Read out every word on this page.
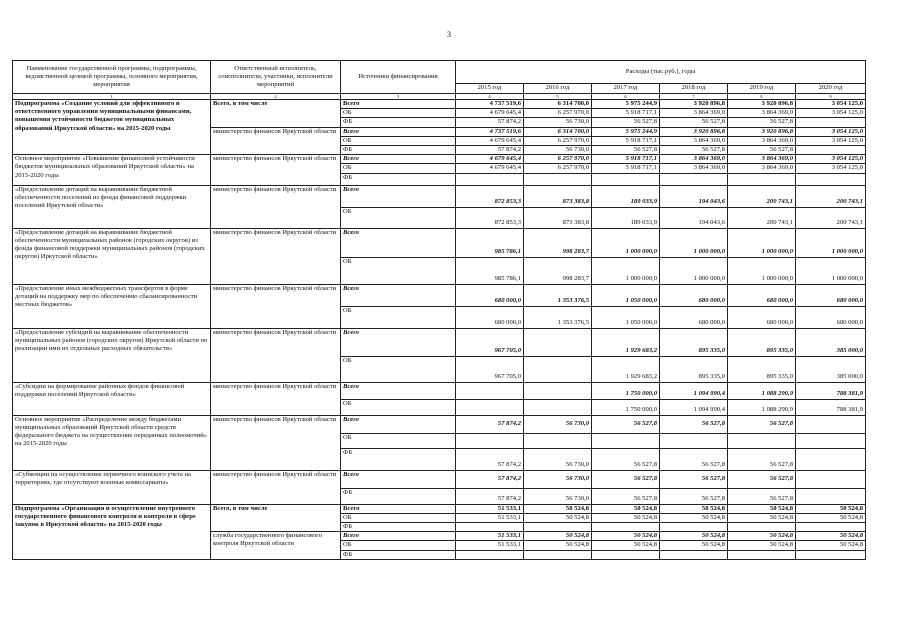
3
Наименование государственной программы, подпрограммы, ведомственной целевой программы, основного мероприятия, мероприятия	Ответственный исполнитель, соисполнители, участники, исполнители мероприятий	Источники финансирования	Расходы (тыс.руб.), годы					
			2015 год	2016 год	2017 год	2018 год	2019 год	2020 год
1	2	3	4	5	6	7	8	9
Подпрограмма «Создание условий для эффективного и ответственного управления муниципальными финансами, повышения устойчивости бюджетов муниципальных образований Иркутской области» на 2015-2020 годы	Всего, в том числе	Всего	4 737 519,6	6 314 700,0	5 975 244,9	3 920 896,8	3 920 896,8	3 054 125,0
		ОБ	4 679 645,4	6 257 970,0	5 918 717,1	3 864 369,0	3 864 369,0	3 054 125,0
		ФБ	57 874,2	56 730,0	56 527,8	56 527,8	56 527,8	
	министерство финансов Иркутской области	Всего	4 737 519,6	6 314 700,0	5 975 244,9	3 920 896,8	3 920 896,8	3 054 125,0
		ОБ	4 679 645,4	6 257 970,0	5 918 717,1	3 864 369,0	3 864 369,0	3 054 125,0
		ФБ	57 874,2	56 730,0	56 527,8	56 527,8	56 527,8	
Основное мероприятие «Повышение финансовой устойчивости бюджетов муниципальных образований Иркутской области» на 2015-2020 годы	министерство финансов Иркутской области	Всего	4 679 645,4	6 257 970,0	5 918 717,1	3 864 369,0	3 864 369,0	3 054 125,0
		ОБ	4 679 645,4	6 257 970,0	5 918 717,1	3 864 369,0	3 864 369,0	3 054 125,0
		ФБ						
«Предоставление дотаций на выравнивание бюджетной обеспеченности поселений из фонда финансовой поддержки поселений Иркутской области»	министерство финансов Иркутской области	Всего	872 853,3	873 383,8	189 033,9	194 043,6	200 743,1	200 743,1
		ОБ	872 853,3	873 383,8	189 033,9	194 043,6	200 743,1	200 743,1
«Предоставление дотаций на выравнивание бюджетной обеспеченности муниципальных районов (городских округов) из фонда финансовой поддержки муниципальных районов (городских округов) Иркутской области»	министерство финансов Иркутской области	Всего	985 786,1	998 283,7	1 000 000,0	1 000 000,0	1 000 000,0	1 000 000,0
		ОБ	985 786,1	998 283,7	1 000 000,0	1 000 000,0	1 000 000,0	1 000 000,0
«Предоставление иных межбюджетных трансфертов в форме дотаций на поддержку мер по обеспечению сбалансированности местных бюджетов»	министерство финансов Иркутской области	Всего	680 000,0	1 353 376,5	1 050 000,0	680 000,0	680 000,0	680 000,0
		ОБ	680 000,0	1 353 376,5	1 050 000,0	680 000,0	680 000,0	680 000,0
«Предоставление субсидий на выравнивание обеспеченности муниципальных районов (городских округов) Иркутской области по реализации ими их отдельных расходных обязательств»	министерство финансов Иркутской области	Всего	967 705,0		1 929 683,2	895 335,0	895 335,0	385 000,0
		ОБ	967 705,0		1 929 683,2	895 335,0	895 335,0	385 000,0
«Субсидии на формирование районных фондов финансовой поддержки поселений Иркутской области»	министерство финансов Иркутской области	Всего			1 750 000,0	1 094 990,4	1 088 290,9	788 381,9
		ОБ			1 750 000,0	1 094 990,4	1 088 290,9	788 381,9
Основное мероприятие «Распределение между бюджетами муниципальных образований Иркутской области средств федерального бюджета на осуществление переданных полномочий» на 2015-2020 годы	министерство финансов Иркутской области	Всего	57 874,2	56 730,0	56 527,8	56 527,8	56 527,8	
		ОБ						
		ФБ	57 874,2	56 730,0	56 527,8	56 527,8	56 527,8	
«Субвенции на осуществление первичного воинского учета на территориях, где отсутствуют военные комиссариаты»	министерство финансов Иркутской области	Всего	57 874,2	56 730,0	56 527,8	56 527,8	56 527,8	
		ФБ	57 874,2	56 730,0	56 527,8	56 527,8	56 527,8	
Подпрограмма «Организация и осуществление внутреннего государственного финансового контроля и контроля в сфере закупок в Иркутской области» на 2015-2020 годы	Всего, в том числе	Всего	51 533,1	50 524,8	50 524,8	50 524,8	50 524,8	50 524,8
		ОБ	51 533,1	50 524,8	50 524,8	50 524,8	50 524,8	50 524,8
		ФБ						
	служба государственного финансового контроля Иркутской области	Всего	51 533,1	50 524,8	50 524,8	50 524,8	50 524,8	50 524,8
		ОБ	51 533,1	50 524,8	50 524,8	50 524,8	50 524,8	50 524,8
		ФБ						
